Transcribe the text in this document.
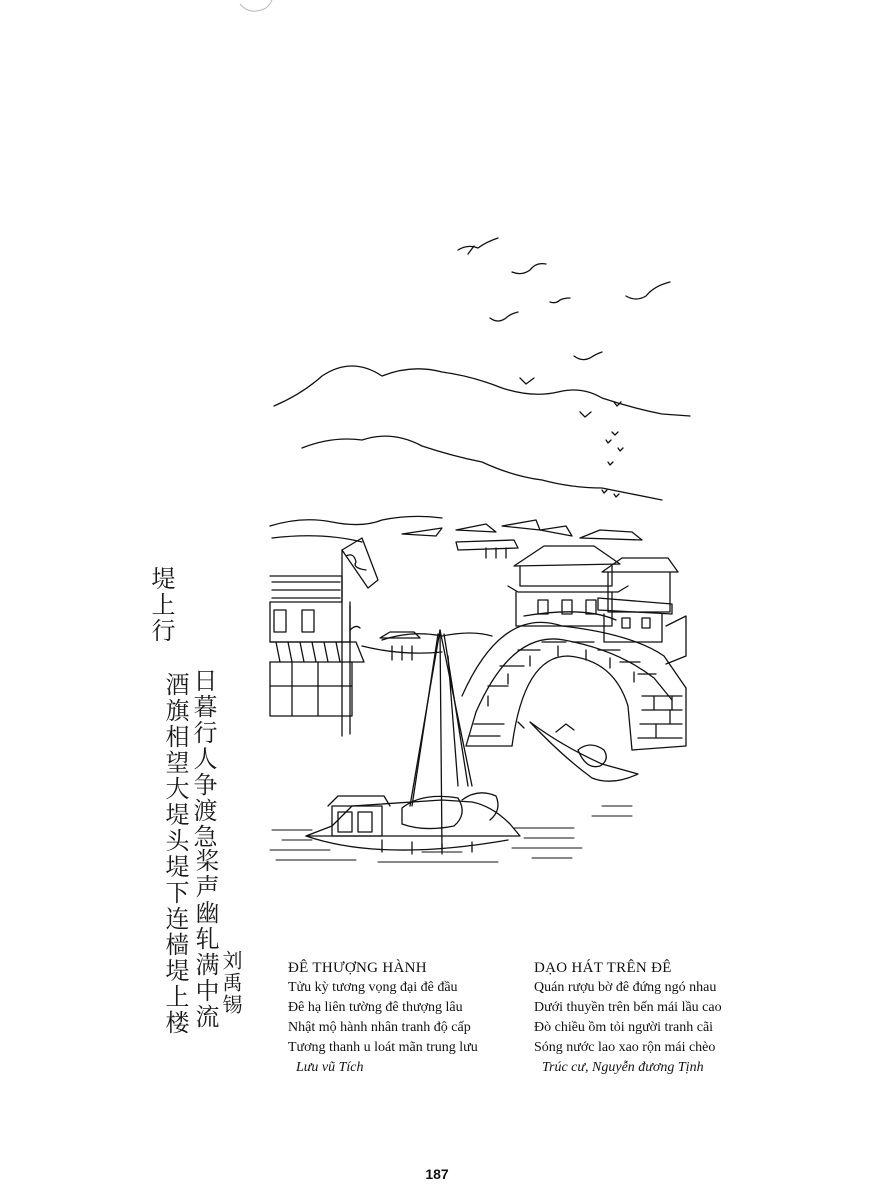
堤上行
日暮行人争渡急
酒旗相望大堤头
桨声幽轧满中流
堤下连樯堤上楼 刘禹锡	ĐÊ THƯỢNG HÀNH
Tửu kỳ tương vọng đại đê đầu
Đê hạ liên tường đê thượng lâu
Nhật mộ hành nhân tranh độ cấp
Tương thanh u loát mãn trung lưu
Lưu vũ Tích
DẠO HÁT TRÊN ĐÊ
Quán rượu bờ đê đứng ngó nhau
Dưới thuyền trên bến mái lầu cao
Đò chiều ồm tỏi người tranh cãi
Sóng nước lao xao rộn mái chèo
Trúc cư, Nguyễn đương Tịnh
187
